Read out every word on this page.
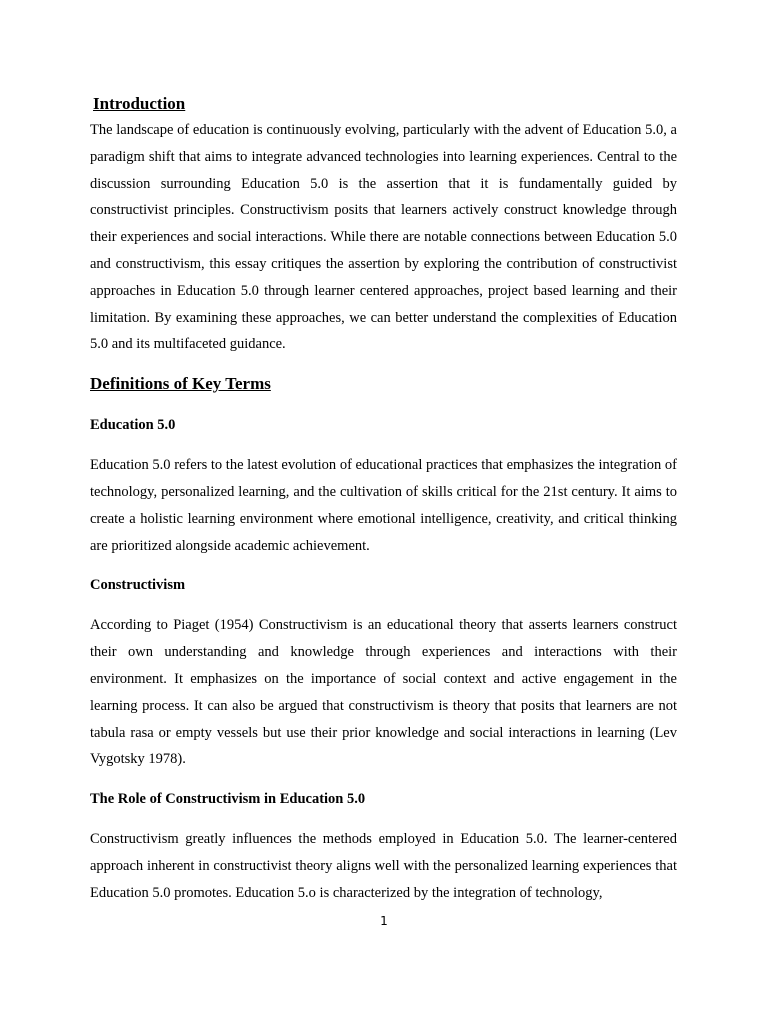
Introduction

The landscape of education is continuously evolving, particularly with the advent of Education 5.0, a paradigm shift that aims to integrate advanced technologies into learning experiences. Central to the discussion surrounding Education 5.0 is the assertion that it is fundamentally guided by constructivist principles. Constructivism posits that learners actively construct knowledge through their experiences and social interactions. While there are notable connections between Education 5.0 and constructivism, this essay critiques the assertion by exploring the contribution of constructivist approaches in Education 5.0 through learner centered approaches, project based learning and their limitation. By examining these approaches, we can better understand the complexities of Education 5.0 and its multifaceted guidance.

Definitions of Key Terms
Education 5.0

Education 5.0 refers to the latest evolution of educational practices that emphasizes the integration of technology, personalized learning, and the cultivation of skills critical for the 21st century. It aims to create a holistic learning environment where emotional intelligence, creativity, and critical thinking are prioritized alongside academic achievement.

Constructivism

According to Piaget (1954) Constructivism is an educational theory that asserts learners construct their own understanding and knowledge through experiences and interactions with their environment. It emphasizes on the importance of social context and active engagement in the learning process. It can also be argued that constructivism is theory that posits that learners are not tabula rasa or empty vessels but use their prior knowledge and social interactions in learning (Lev Vygotsky 1978).

The Role of Constructivism in Education 5.0

Constructivism greatly influences the methods employed in Education 5.0. The learner-centered approach inherent in constructivist theory aligns well with the personalized learning experiences that Education 5.0 promotes. Education 5.o is characterized by the integration of technology,

1
